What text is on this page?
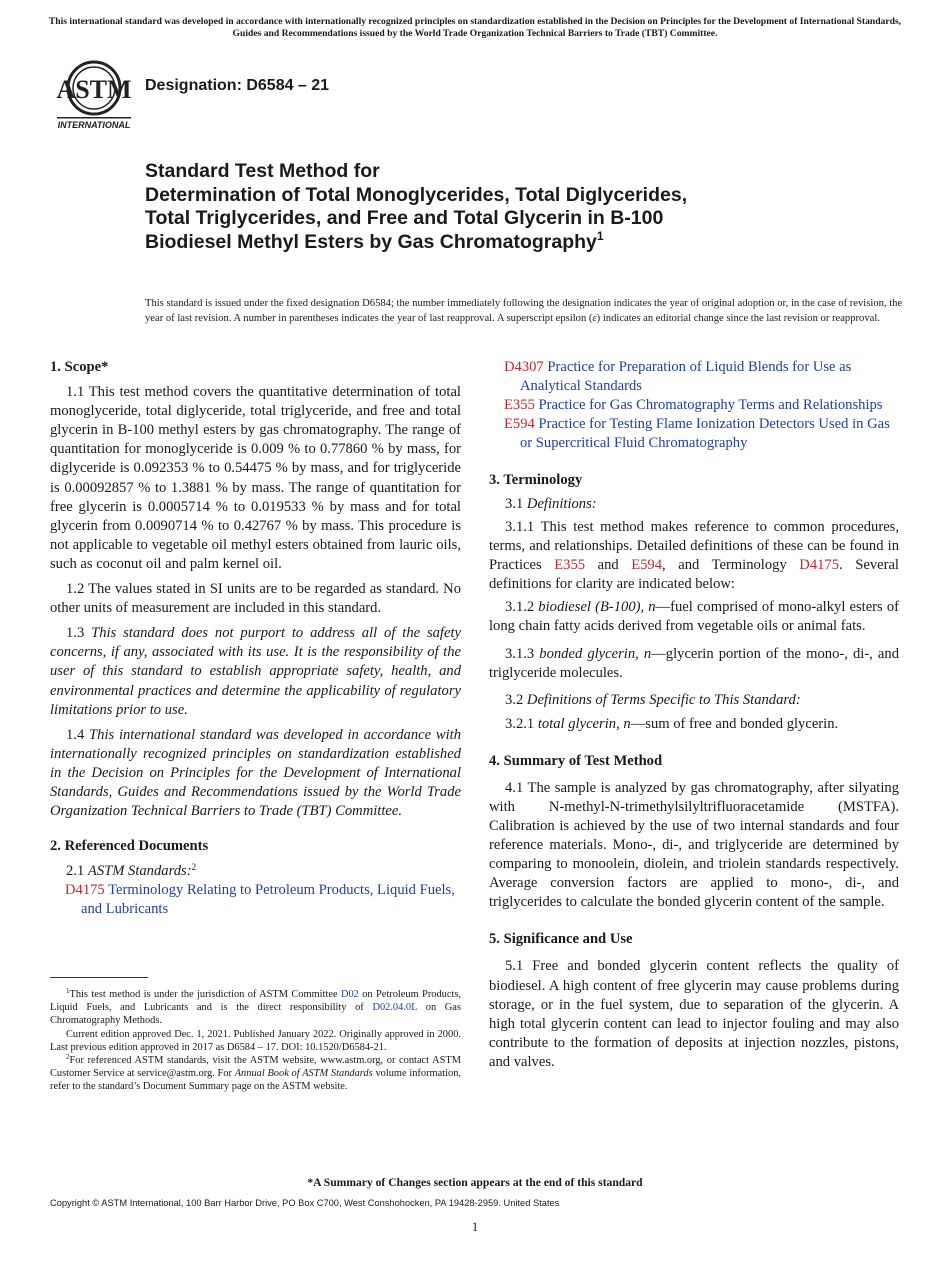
This international standard was developed in accordance with internationally recognized principles on standardization established in the Decision on Principles for the Development of International Standards, Guides and Recommendations issued by the World Trade Organization Technical Barriers to Trade (TBT) Committee.
ASTM
INTERNATIONAL
Designation: D6584 – 21
Standard Test Method for
Determination of Total Monoglycerides, Total Diglycerides,
Total Triglycerides, and Free and Total Glycerin in B-100
Biodiesel Methyl Esters by Gas Chromatography$^1$
This standard is issued under the fixed designation D6584; the number immediately following the designation indicates the year of original adoption or, in the case of revision, the year of last revision. A number in parentheses indicates the year of last reapproval. A superscript epsilon (ε) indicates an editorial change since the last revision or reapproval.
1. Scope*

1.1 This test method covers the quantitative determination of total monoglyceride, total diglyceride, total triglyceride, and free and total glycerin in B-100 methyl esters by gas chromatography. The range of quantitation for monoglyceride is 0.009 % to 0.77860 % by mass, for diglyceride is 0.092353 % to 0.54475 % by mass, and for triglyceride is 0.00092857 % to 1.3881 % by mass. The range of quantitation for free glycerin is 0.0005714 % to 0.019533 % by mass and for total glycerin from 0.0090714 % to 0.42767 % by mass. This procedure is not applicable to vegetable oil methyl esters obtained from lauric oils, such as coconut oil and palm kernel oil.

1.2 The values stated in SI units are to be regarded as standard. No other units of measurement are included in this standard.

1.3 This standard does not purport to address all of the safety concerns, if any, associated with its use. It is the responsibility of the user of this standard to establish appropriate safety, health, and environmental practices and determine the applicability of regulatory limitations prior to use.

1.4 This international standard was developed in accordance with internationally recognized principles on standardization established in the Decision on Principles for the Development of International Standards, Guides and Recommendations issued by the World Trade Organization Technical Barriers to Trade (TBT) Committee.

2. Referenced Documents

2.1 ASTM Standards:$^2$

D4175 Terminology Relating to Petroleum Products, Liquid Fuels, and Lubricants

$^1$This test method is under the jurisdiction of ASTM Committee D02 on Petroleum Products, Liquid Fuels, and Lubricants and is the direct responsibility of D02.04.0L on Gas Chromatography Methods.

Current edition approved Dec. 1, 2021. Published January 2022. Originally approved in 2000. Last previous edition approved in 2017 as D6584 – 17. DOI: 10.1520/D6584-21.

$^2$For referenced ASTM standards, visit the ASTM website, www.astm.org, or contact ASTM Customer Service at service@astm.org. For Annual Book of ASTM Standards volume information, refer to the standard’s Document Summary page on the ASTM website.

D4307 Practice for Preparation of Liquid Blends for Use as Analytical Standards

E355 Practice for Gas Chromatography Terms and Relationships

E594 Practice for Testing Flame Ionization Detectors Used in Gas or Supercritical Fluid Chromatography

3. Terminology

3.1 Definitions:

3.1.1 This test method makes reference to common procedures, terms, and relationships. Detailed definitions of these can be found in Practices E355 and E594, and Terminology D4175. Several definitions for clarity are indicated below:

3.1.2 biodiesel (B-100), n—fuel comprised of mono-alkyl esters of long chain fatty acids derived from vegetable oils or animal fats.

3.1.3 bonded glycerin, n—glycerin portion of the mono-, di-, and triglyceride molecules.

3.2 Definitions of Terms Specific to This Standard:

3.2.1 total glycerin, n—sum of free and bonded glycerin.

4. Summary of Test Method

4.1 The sample is analyzed by gas chromatography, after silyating with N-methyl-N-trimethylsilyltrifluoracetamide (MSTFA). Calibration is achieved by the use of two internal standards and four reference materials. Mono-, di-, and triglyceride are determined by comparing to monoolein, diolein, and triolein standards respectively. Average conversion factors are applied to mono-, di-, and triglycerides to calculate the bonded glycerin content of the sample.

5. Significance and Use

5.1 Free and bonded glycerin content reflects the quality of biodiesel. A high content of free glycerin may cause problems during storage, or in the fuel system, due to separation of the glycerin. A high total glycerin content can lead to injector fouling and may also contribute to the formation of deposits at injection nozzles, pistons, and valves.

*A Summary of Changes section appears at the end of this standard
Copyright © ASTM International, 100 Barr Harbor Drive, PO Box C700, West Conshohocken, PA 19428-2959. United States
1
